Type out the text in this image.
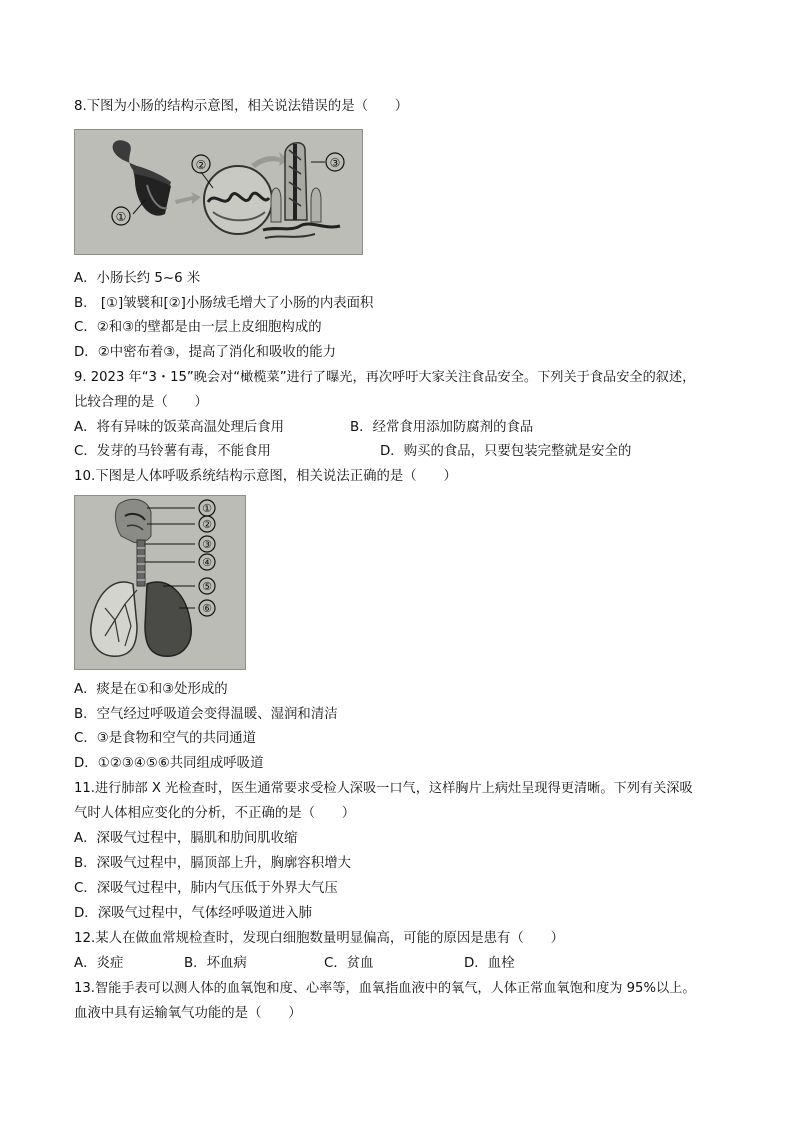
8.下图为小肠的结构示意图，相关说法错误的是（　　）
①
②	③
A．小肠长约 5~6 米
B． [①]皱襞和[②]小肠绒毛增大了小肠的内表面积
C．②和③的壁都是由一层上皮细胞构成的
D．②中密布着③，提高了消化和吸收的能力
9. 2023 年“3・15”晚会对“橄榄菜”进行了曝光，再次呼吁大家关注食品安全。下列关于食品安全的叙述，
比较合理的是（　　）
A．将有异味的饭菜高温处理后食用	B．经常食用添加防腐剂的食品
C．发芽的马铃薯有毒，不能食用	D．购买的食品，只要包装完整就是安全的
10.下图是人体呼吸系统结构示意图，相关说法正确的是（　　）
①
②
③
④
⑤
⑥
A．痰是在①和③处形成的
B．空气经过呼吸道会变得温暖、湿润和清洁
C．③是食物和空气的共同通道
D．①②③④⑤⑥共同组成呼吸道
11.进行肺部 X 光检查时，医生通常要求受检人深吸一口气，这样胸片上病灶呈现得更清晰。下列有关深吸
气时人体相应变化的分析，不正确的是（　　）
A．深吸气过程中，膈肌和肋间肌收缩
B．深吸气过程中，膈顶部上升，胸廓容积增大
C．深吸气过程中，肺内气压低于外界大气压
D．深吸气过程中，气体经呼吸道进入肺
12.某人在做血常规检查时，发现白细胞数量明显偏高，可能的原因是患有（　　）
A．炎症	B．坏血病	C．贫血	D．血栓
13.智能手表可以测人体的血氧饱和度、心率等，血氧指血液中的氧气，人体正常血氧饱和度为 95%以上。
血液中具有运输氧气功能的是（　　）
